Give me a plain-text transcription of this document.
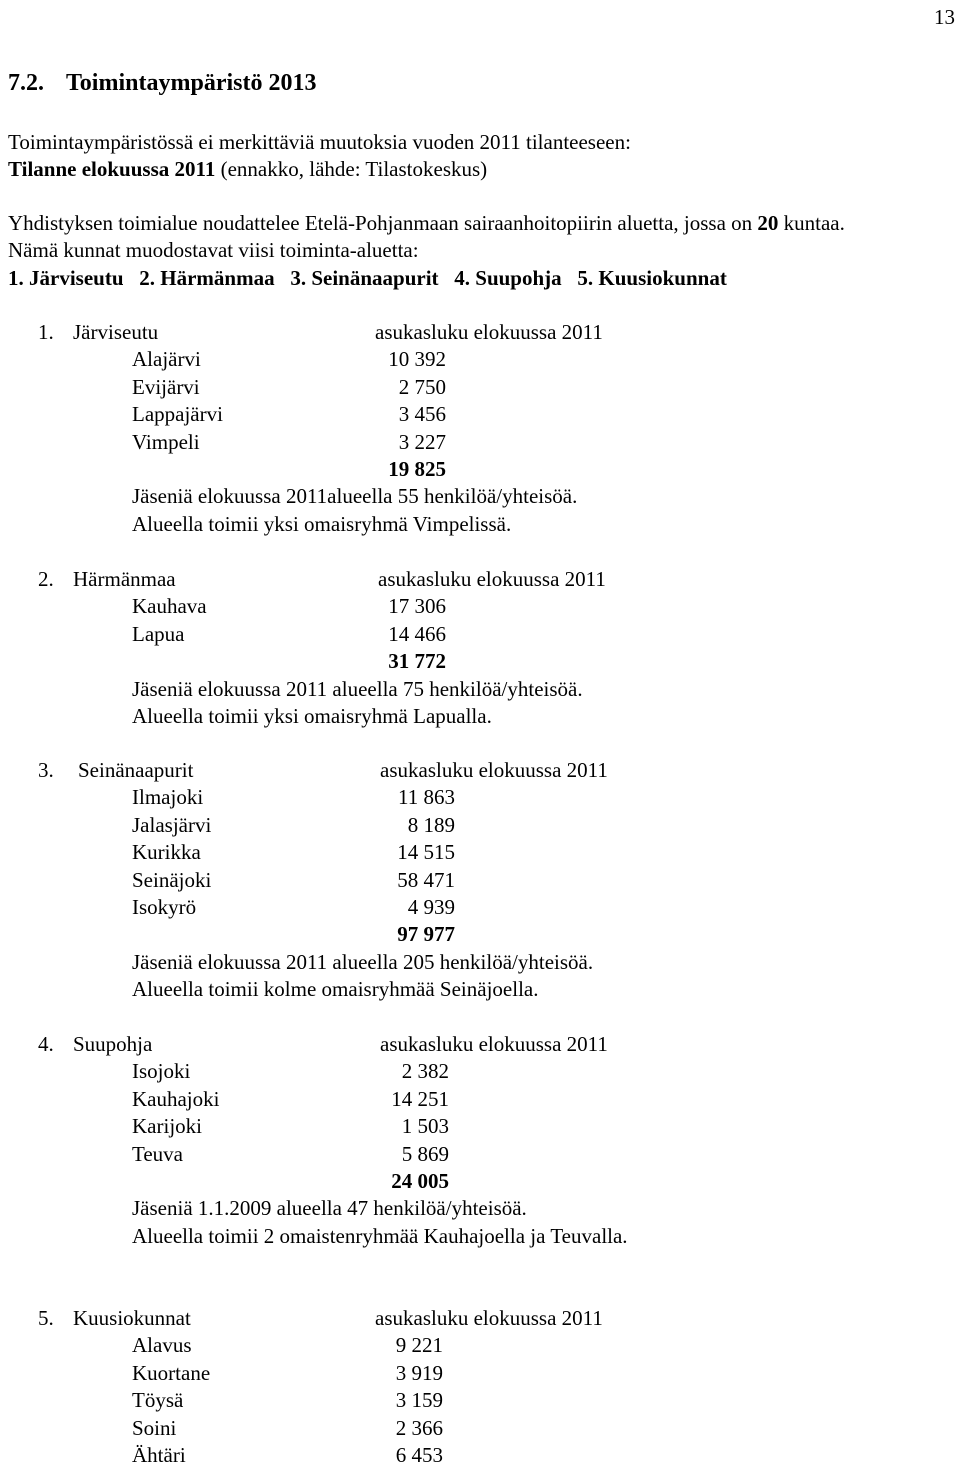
13
7.2. Toimintaympäristö 2013
Toimintaympäristössä ei merkittäviä muutoksia vuoden 2011 tilanteeseen:
Tilanne elokuussa 2011 (ennakko, lähde: Tilastokeskus)
Yhdistyksen toimialue noudattelee Etelä-Pohjanmaan sairaanhoitopiirin aluetta, jossa on 20 kuntaa.
Nämä kunnat muodostavat viisi toiminta-aluetta:
1. Järviseutu   2. Härmänmaa   3. Seinänaapurit   4. Suupohja   5. Kuusiokunnat
1. Järviseutu	asukasluku elokuussa 2011
Alajärvi	10 392
Evijärvi	2 750
Lappajärvi	3 456
Vimpeli	3 227
19 825
Jäseniä elokuussa 2011alueella 55 henkilöä/yhteisöä.
Alueella toimii yksi omaisryhmä Vimpelissä.
2. Härmänmaa	asukasluku elokuussa 2011
Kauhava	17 306
Lapua	14 466
31 772
Jäseniä elokuussa 2011 alueella 75 henkilöä/yhteisöä.
Alueella toimii yksi omaisryhmä Lapualla.
3. Seinänaapurit	asukasluku elokuussa 2011
Ilmajoki	11 863
Jalasjärvi	8 189
Kurikka	14 515
Seinäjoki	58 471
Isokyrö	4 939
97 977
Jäseniä elokuussa 2011 alueella 205 henkilöä/yhteisöä.
Alueella toimii kolme omaisryhmää Seinäjoella.
4. Suupohja	asukasluku elokuussa 2011
Isojoki	2 382
Kauhajoki	14 251
Karijoki	1 503
Teuva	5 869
24 005
Jäseniä 1.1.2009 alueella 47 henkilöä/yhteisöä.
Alueella toimii 2 omaistenryhmää Kauhajoella ja Teuvalla.
5. Kuusiokunnat	asukasluku elokuussa 2011
Alavus	9 221
Kuortane	3 919
Töysä	3 159
Soini	2 366
Ähtäri	6 453
